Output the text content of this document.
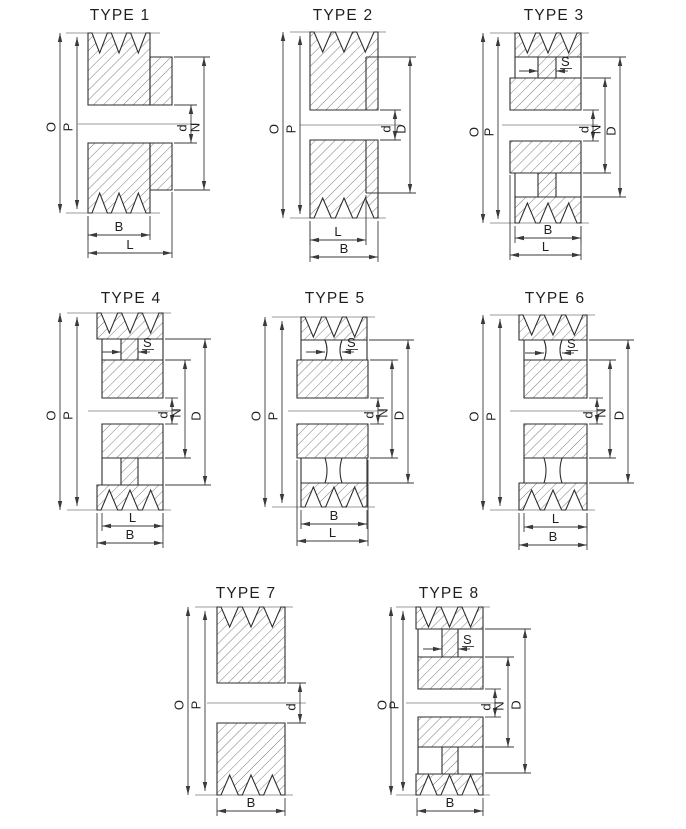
d
N
O P
B
L
TYPE 1
d D
O P
L
B
TYPE 2
d
N D
O P
S
B
L
TYPE 3
d
N D
O P
S
L
B
TYPE 4
d N D
O P
S
B
L
TYPE 5
d
N D
O P
S
L
B
TYPE 6
d
O P
B
TYPE 7
d
N D
O
P
S
B
TYPE 8
